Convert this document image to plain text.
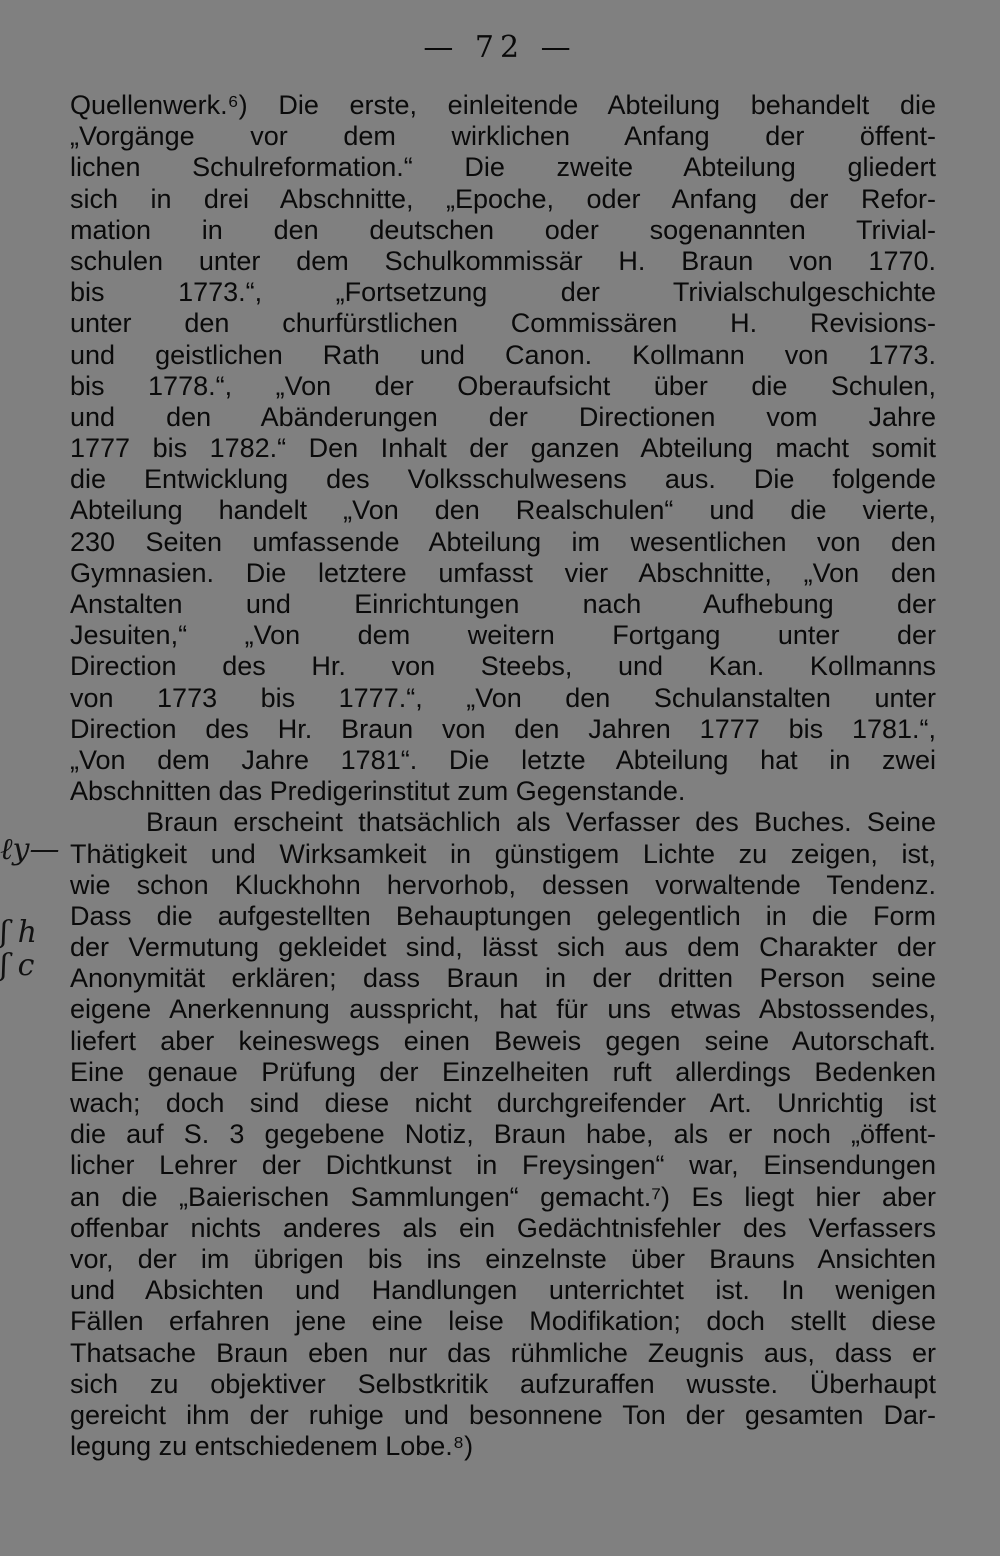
— 72 —
ℓy—
ʃ h
ʃ c
Quellenwerk.⁶) Die erste, einleitende Abteilung behandelt die
„Vorgänge vor dem wirklichen Anfang der öffent-
lichen Schulreformation.“ Die zweite Abteilung gliedert
sich in drei Abschnitte, „Epoche, oder Anfang der Refor-
mation in den deutschen oder sogenannten Trivial-
schulen unter dem Schulkommissär H. Braun von 1770.
bis 1773.“, „Fortsetzung der Trivialschulgeschichte
unter den churfürstlichen Commissären H. Revisions-
und geistlichen Rath und Canon. Kollmann von 1773.
bis 1778.“, „Von der Oberaufsicht über die Schulen,
und den Abänderungen der Directionen vom Jahre
1777 bis 1782.“ Den Inhalt der ganzen Abteilung macht somit
die Entwicklung des Volksschulwesens aus. Die folgende
Abteilung handelt „Von den Realschulen“ und die vierte,
230 Seiten umfassende Abteilung im wesentlichen von den
Gymnasien. Die letztere umfasst vier Abschnitte, „Von den
Anstalten und Einrichtungen nach Aufhebung der
Jesuiten,“ „Von dem weitern Fortgang unter der
Direction des Hr. von Steebs, und Kan. Kollmanns
von 1773 bis 1777.“, „Von den Schulanstalten unter
Direction des Hr. Braun von den Jahren 1777 bis 1781.“,
„Von dem Jahre 1781“. Die letzte Abteilung hat in zwei
Abschnitten das Predigerinstitut zum Gegenstande.
Braun erscheint thatsächlich als Verfasser des Buches. Seine
Thätigkeit und Wirksamkeit in günstigem Lichte zu zeigen, ist,
wie schon Kluckhohn hervorhob, dessen vorwaltende Tendenz.
Dass die aufgestellten Behauptungen gelegentlich in die Form
der Vermutung gekleidet sind, lässt sich aus dem Charakter der
Anonymität erklären; dass Braun in der dritten Person seine
eigene Anerkennung ausspricht, hat für uns etwas Abstossendes,
liefert aber keineswegs einen Beweis gegen seine Autorschaft.
Eine genaue Prüfung der Einzelheiten ruft allerdings Bedenken
wach; doch sind diese nicht durchgreifender Art. Unrichtig ist
die auf S. 3 gegebene Notiz, Braun habe, als er noch „öffent-
licher Lehrer der Dichtkunst in Freysingen“ war, Einsendungen
an die „Baierischen Sammlungen“ gemacht.⁷) Es liegt hier aber
offenbar nichts anderes als ein Gedächtnisfehler des Verfassers
vor, der im übrigen bis ins einzelnste über Brauns Ansichten
und Absichten und Handlungen unterrichtet ist. In wenigen
Fällen erfahren jene eine leise Modifikation; doch stellt diese
Thatsache Braun eben nur das rühmliche Zeugnis aus, dass er
sich zu objektiver Selbstkritik aufzuraffen wusste. Überhaupt
gereicht ihm der ruhige und besonnene Ton der gesamten Dar-
legung zu entschiedenem Lobe.⁸)
